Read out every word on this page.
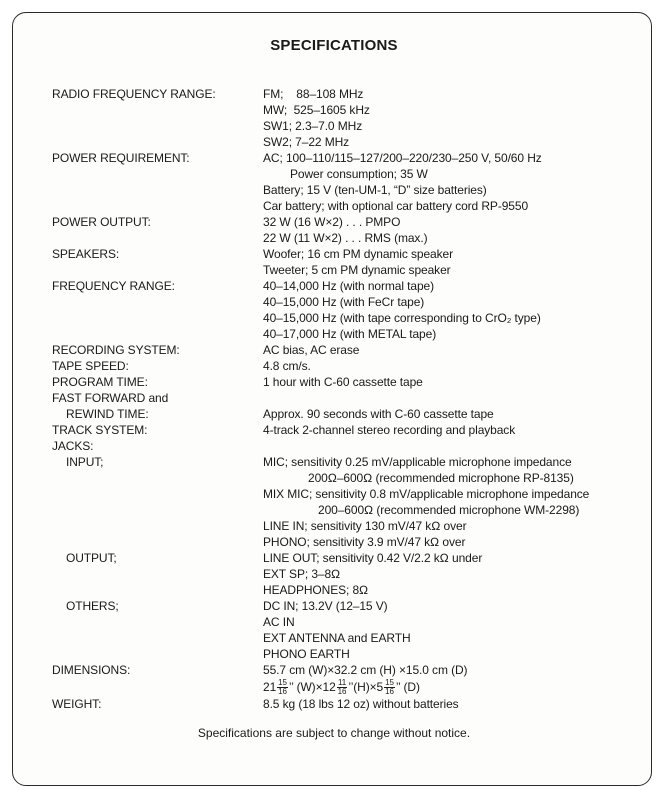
SPECIFICATIONS
RADIO FREQUENCY RANGE:	FM;    88–108 MHz
MW;  525–1605 kHz
SW1; 2.3–7.0 MHz
SW2; 7–22 MHz
POWER REQUIREMENT:	AC; 100–110/115–127/200–220/230–250 V, 50/60 Hz
Power consumption; 35 W
Battery; 15 V (ten-UM-1, “D” size batteries)
Car battery; with optional car battery cord RP-9550
POWER OUTPUT:	32 W (16 W×2) . . . PMPO
22 W (11 W×2) . . . RMS (max.)
SPEAKERS:	Woofer; 16 cm PM dynamic speaker
Tweeter; 5 cm PM dynamic speaker
FREQUENCY RANGE:	40–14,000 Hz (with normal tape)
40–15,000 Hz (with FeCr tape)
40–15,000 Hz (with tape corresponding to CrO₂ type)
40–17,000 Hz (with METAL tape)
RECORDING SYSTEM:	AC bias, AC erase
TAPE SPEED:	4.8 cm/s.
PROGRAM TIME:	1 hour with C-60 cassette tape
FAST FORWARD and
REWIND TIME:	Approx. 90 seconds with C-60 cassette tape
TRACK SYSTEM:	4-track 2-channel stereo recording and playback
JACKS:
INPUT;	MIC; sensitivity 0.25 mV/applicable microphone impedance
200Ω–600Ω (recommended microphone RP-8135)
MIX MIC; sensitivity 0.8 mV/applicable microphone impedance
200–600Ω (recommended microphone WM-2298)
LINE IN; sensitivity 130 mV/47 kΩ over
PHONO; sensitivity 3.9 mV/47 kΩ over
OUTPUT;	LINE OUT; sensitivity 0.42 V/2.2 kΩ under
EXT SP; 3–8Ω
HEADPHONES; 8Ω
OTHERS;	DC IN; 13.2V (12–15 V)
AC IN
EXT ANTENNA and EARTH
PHONO EARTH
DIMENSIONS:	55.7 cm (W)×32.2 cm (H) ×15.0 cm (D)
$21 \frac{15}{16}$ ’’ $(W)\times 12 \frac{11}{16}$ ’’(H)×5 $\frac{15}{16}$ ’’ (D)
WEIGHT:	8.5 kg (18 lbs 12 oz) without batteries
Specifications are subject to change without notice.
